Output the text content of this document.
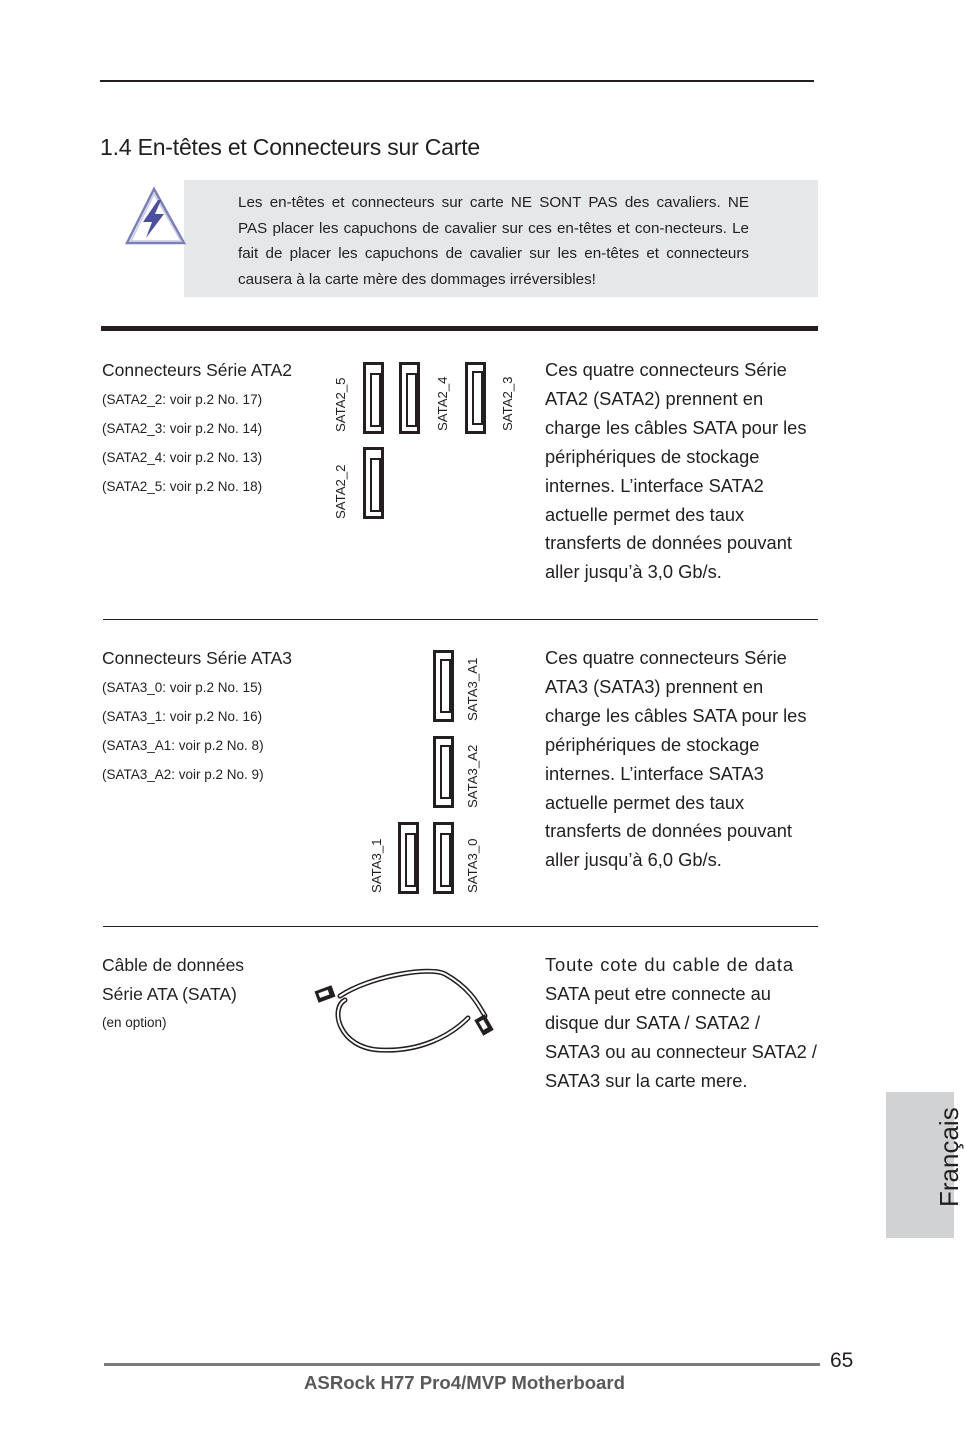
1.4 En-têtes et Connecteurs sur Carte
Les en-têtes et connecteurs sur carte NE SONT PAS des cavaliers. NE PAS placer les capuchons de cavalier sur ces en-têtes et con-necteurs. Le fait de placer les capuchons de cavalier sur les en-têtes et connecteurs causera à la carte mère des dommages irréversibles!
Connecteurs Série ATA2
(SATA2_2: voir p.2 No. 17)
(SATA2_3: voir p.2 No. 14)
(SATA2_4: voir p.2 No. 13)
(SATA2_5: voir p.2 No. 18)
SATA2_5	SATA2_4	SATA2_3
SATA2_2
Ces quatre connecteurs Série ATA2 (SATA2) prennent en charge les câbles SATA pour les périphériques de stockage internes. L’interface SATA2 actuelle permet des taux transferts de données pouvant aller jusqu’à 3,0 Gb/s.
Connecteurs Série ATA3
(SATA3_0: voir p.2 No. 15)
(SATA3_1: voir p.2 No. 16)
(SATA3_A1: voir p.2 No. 8)
(SATA3_A2: voir p.2 No. 9)
SATA3_A1
SATA3_A2
SATA3_1	SATA3_0
Ces quatre connecteurs Série ATA3 (SATA3) prennent en charge les câbles SATA pour les périphériques de stockage internes. L’interface SATA3 actuelle permet des taux transferts de données pouvant aller jusqu’à 6,0 Gb/s.
Câble de données
Série ATA (SATA)
(en option)
Toute cote du cable de data
SATA peut etre connecte au disque dur SATA / SATA2 / SATA3 ou au connecteur SATA2 / SATA3 sur la carte mere.
Français
65
ASRock H77 Pro4/MVP Motherboard
